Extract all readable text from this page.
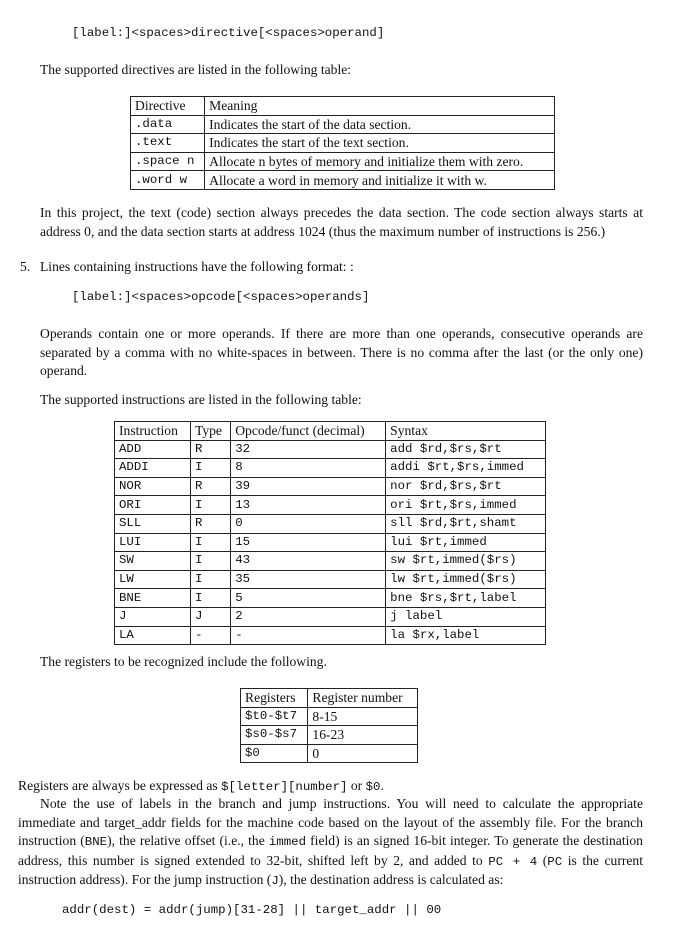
[label:]<spaces>directive[<spaces>operand]

The supported directives are listed in the following table:

Directive	Meaning
.data	Indicates the start of the data section.
.text	Indicates the start of the text section.
.space n	Allocate n bytes of memory and initialize them with zero.
.word w	Allocate a word in memory and initialize it with w.

In this project, the text (code) section always precedes the data section. The code section always starts at address 0, and the data section starts at address 1024 (thus the maximum number of instructions is 256.)

5. Lines containing instructions have the following format: :
[label:]<spaces>opcode[<spaces>operands]

Operands contain one or more operands. If there are more than one operands, consecutive operands are separated by a comma with no white-spaces in between. There is no comma after the last (or the only one) operand.

The supported instructions are listed in the following table:

Instruction	Type	Opcode/funct (decimal)	Syntax
ADD	R	32	add $rd,$rs,$rt
ADDI	I	8	addi $rt,$rs,immed
NOR	R	39	nor $rd,$rs,$rt
ORI	I	13	ori $rt,$rs,immed
SLL	R	0	sll $rd,$rt,shamt
LUI	I	15	lui $rt,immed
SW	I	43	sw $rt,immed($rs)
LW	I	35	lw $rt,immed($rs)
BNE	I	5	bne $rs,$rt,label
J	J	2	j label
LA	-	-	la $rx,label

The registers to be recognized include the following.

Registers	Register number
$t0-$t7	8-15
$s0-$s7	16-23
$0	0

Registers are always be expressed as $[letter][number] or $0.

Note the use of labels in the branch and jump instructions. You will need to calculate the appropriate immediate and target_addr fields for the machine code based on the layout of the assembly file. For the branch instruction (BNE), the relative offset (i.e., the immed field) is an signed 16-bit integer. To generate the destination address, this number is signed extended to 32-bit, shifted left by 2, and added to PC + 4 (PC is the current instruction address). For the jump instruction (J), the destination address is calculated as:

addr(dest) = addr(jump)[31-28] || target_addr || 00
